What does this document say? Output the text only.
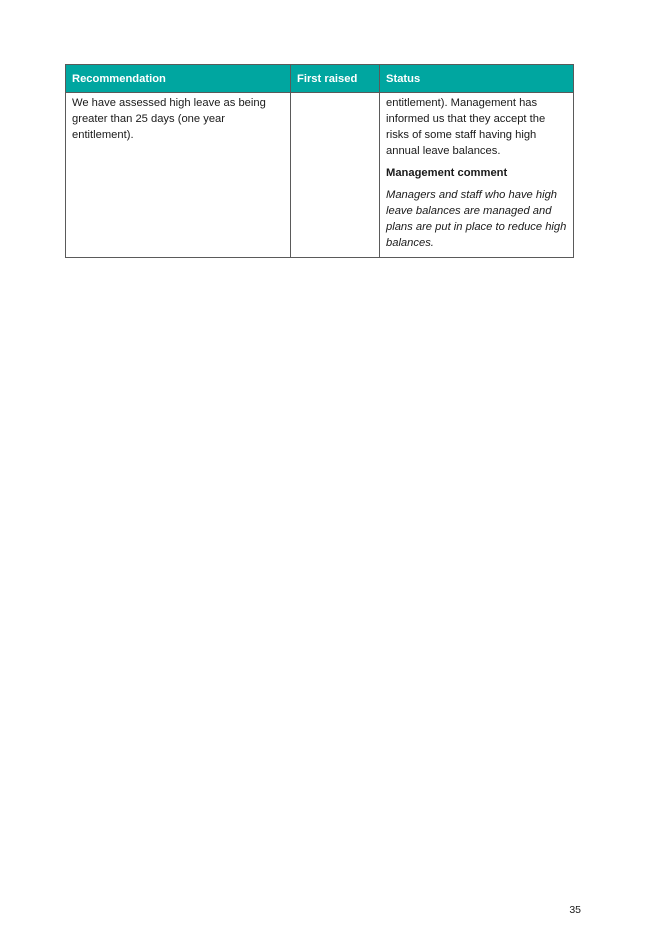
Recommendation	First raised	Status
We have assessed high leave as being greater than 25 days (one year entitlement).		entitlement). Management has informed us that they accept the risks of some staff having high annual leave balances.

Management comment

Managers and staff who have high leave balances are managed and plans are put in place to reduce high balances.

35
